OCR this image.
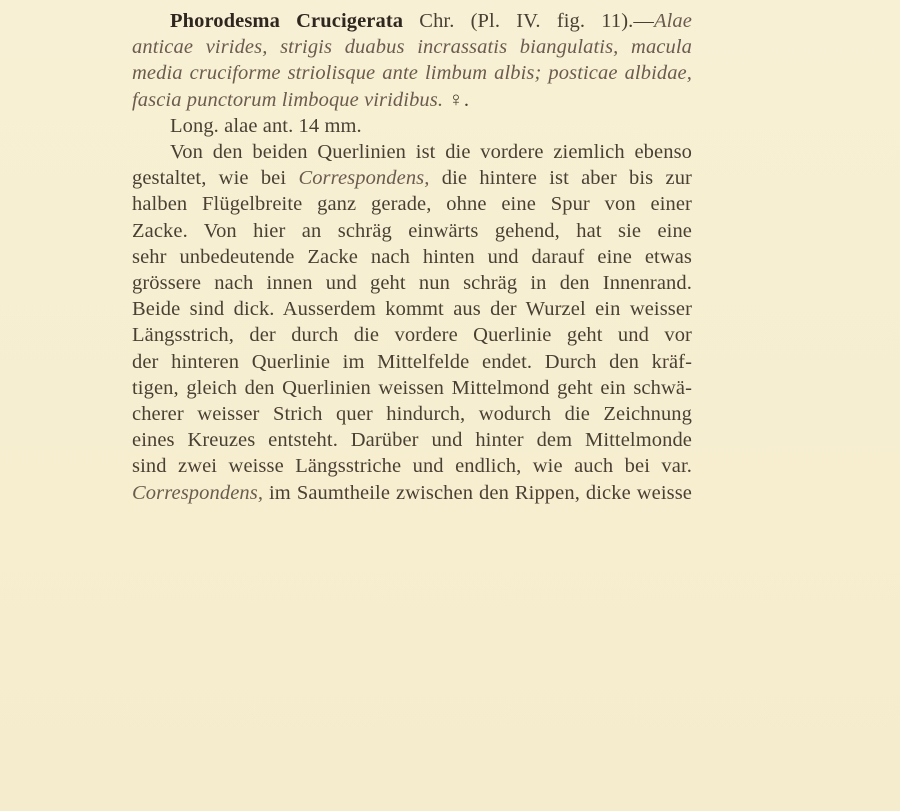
Phorodesma Crucigerata Chr. (Pl. IV. fig. 11).—Alae
anticae virides, strigis duabus incrassatis biangulatis, macula
media cruciforme striolisque ante limbum albis; posticae albidae,
fascia punctorum limboque viridibus. ♀.
Long. alae ant. 14 mm.
Von den beiden Querlinien ist die vordere ziemlich ebenso
gestaltet, wie bei Correspondens, die hintere ist aber bis zur
halben Flügelbreite ganz gerade, ohne eine Spur von einer
Zacke. Von hier an schräg einwärts gehend, hat sie eine
sehr unbedeutende Zacke nach hinten und darauf eine etwas
grössere nach innen und geht nun schräg in den Innenrand.
Beide sind dick. Ausserdem kommt aus der Wurzel ein weisser
Längsstrich, der durch die vordere Querlinie geht und vor
der hinteren Querlinie im Mittelfelde endet. Durch den kräf-
tigen, gleich den Querlinien weissen Mittelmond geht ein schwä-
cherer weisser Strich quer hindurch, wodurch die Zeichnung
eines Kreuzes entsteht. Darüber und hinter dem Mittelmonde
sind zwei weisse Längsstriche und endlich, wie auch bei var.
Correspondens, im Saumtheile zwischen den Rippen, dicke weisse
